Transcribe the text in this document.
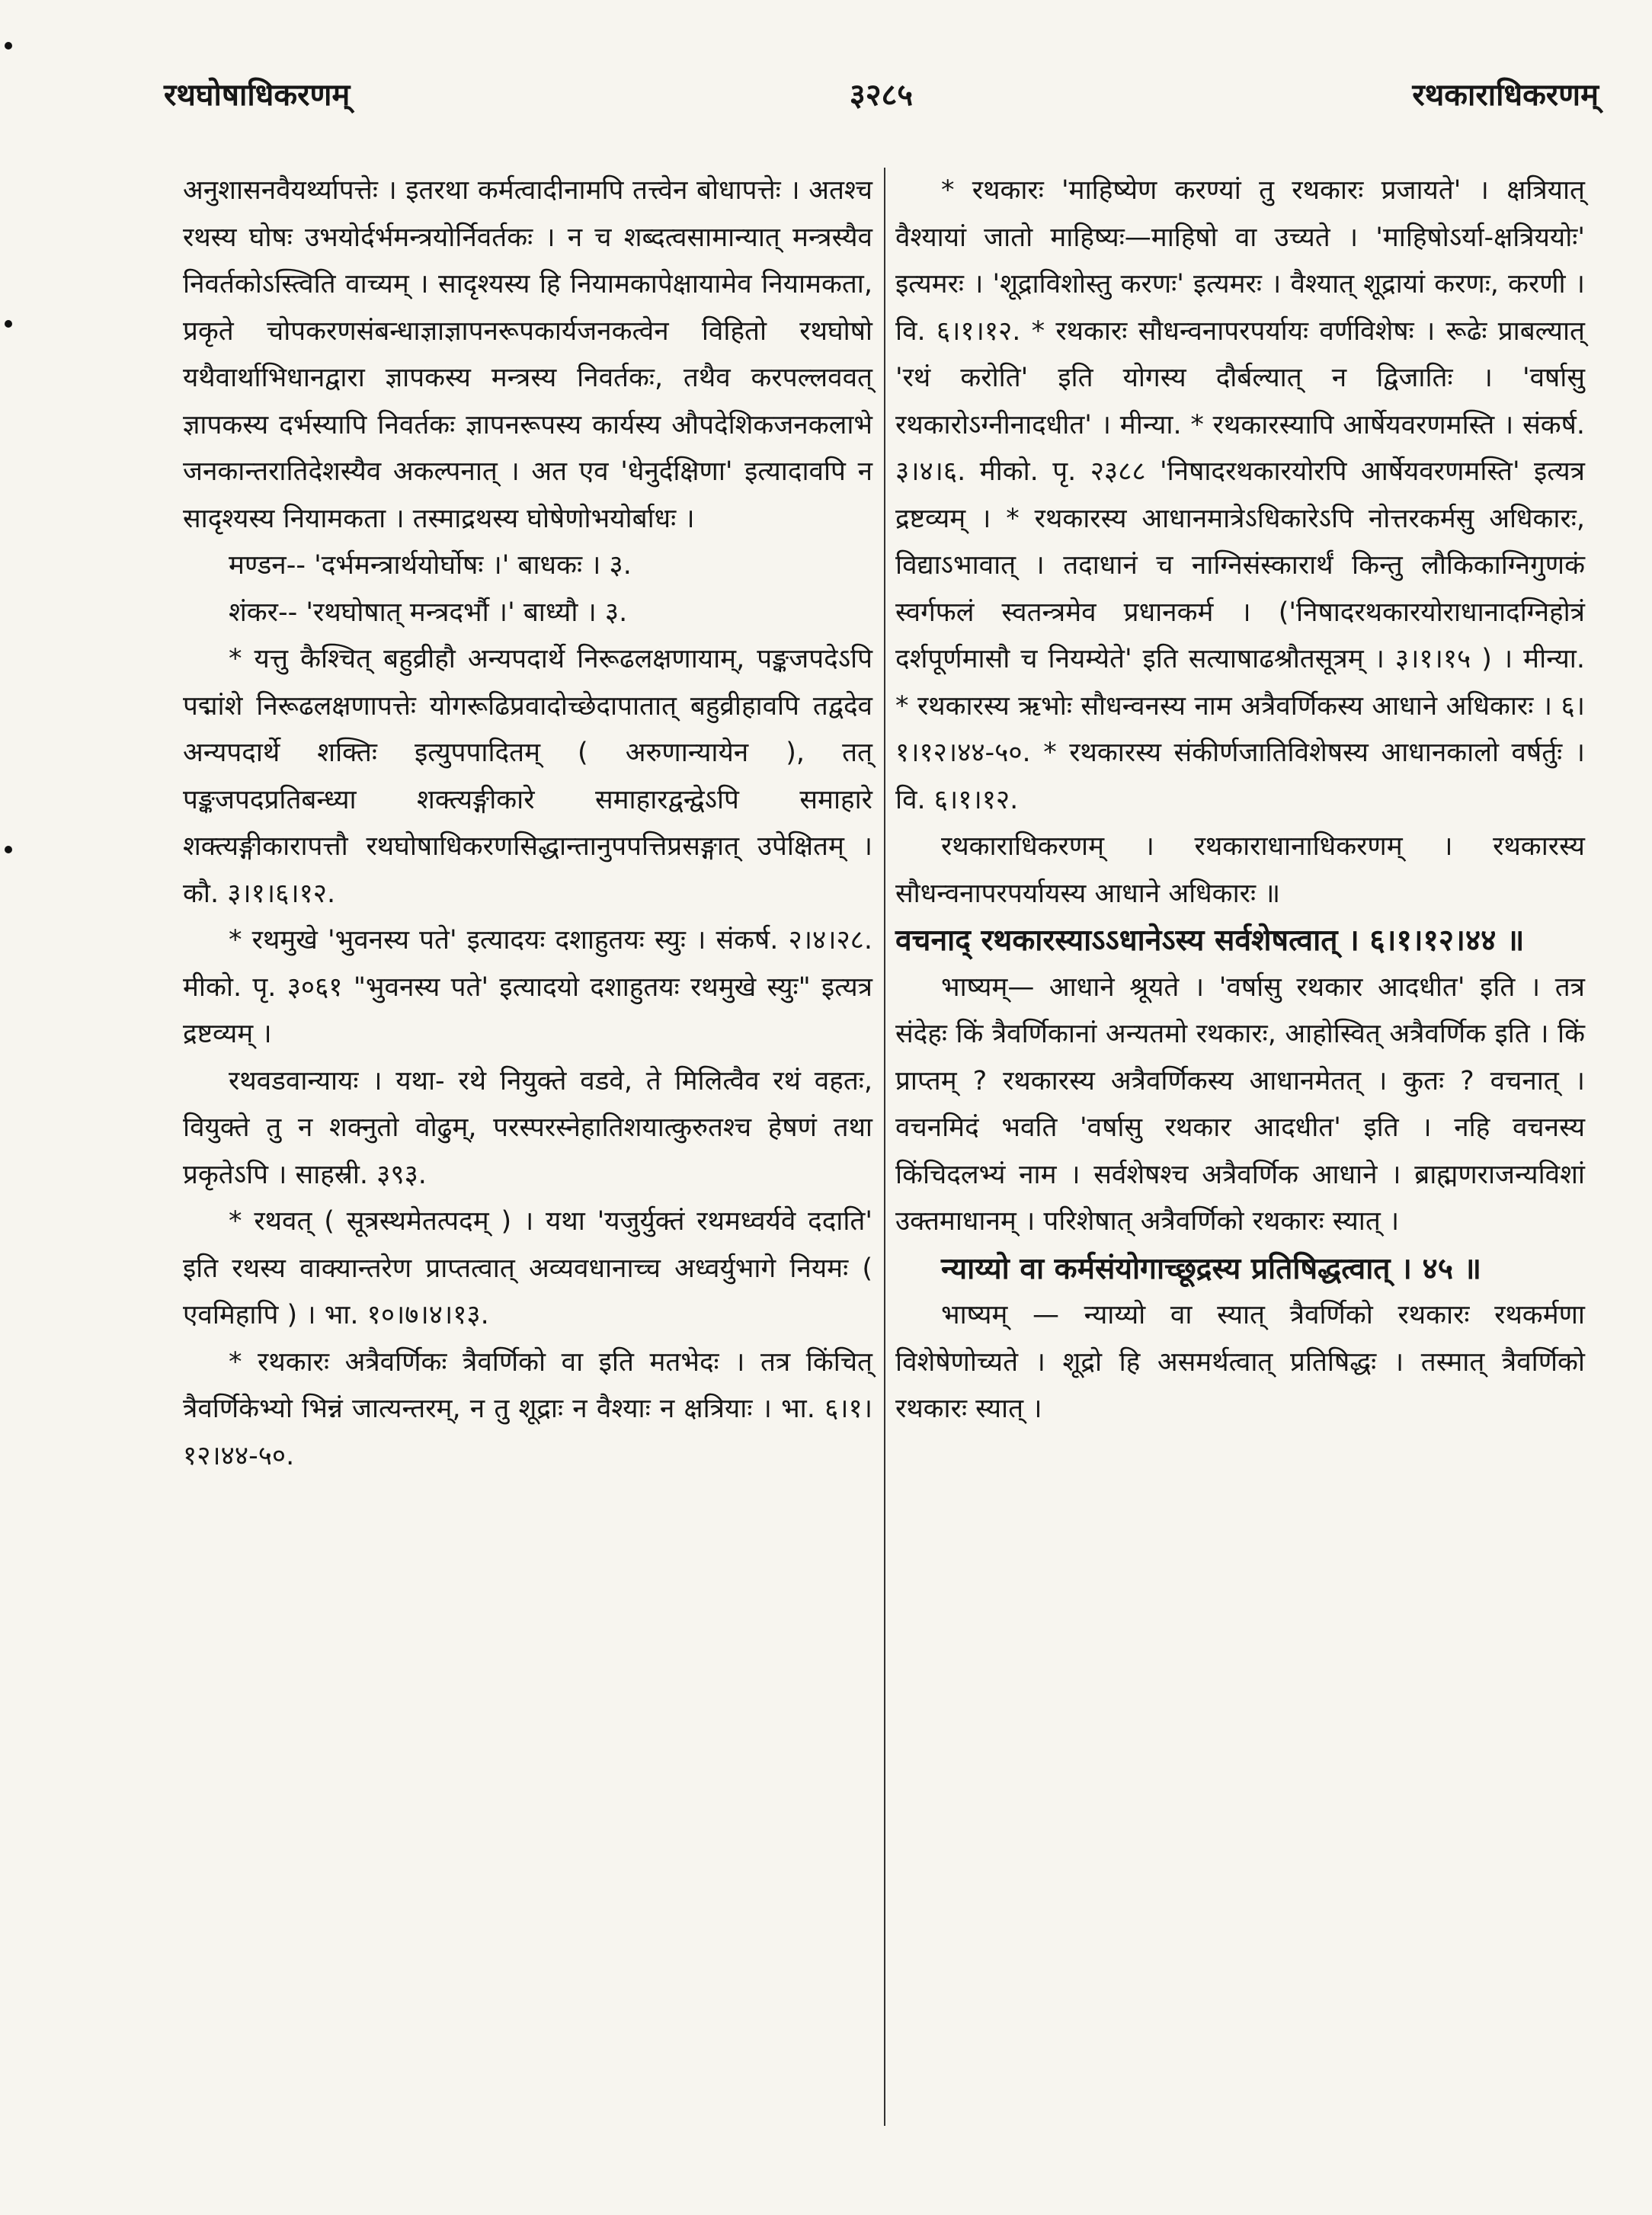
रथघोषाधिकरणम्	३२८५	रथकाराधिकरणम्

अनुशासनवैयर्थ्यापत्तेः । इतरथा कर्मत्वादीनामपि तत्त्वेन बोधापत्तेः । अतश्च रथस्य घोषः उभयोर्दर्भमन्त्रयोर्निवर्तकः । न च शब्दत्वसामान्यात् मन्त्रस्यैव निवर्तकोऽस्त्विति वाच्यम् । सादृश्यस्य हि नियामकापेक्षायामेव नियामकता, प्रकृते चोपकरणसंबन्धाज्ञाज्ञापनरूपकार्यजनकत्वेन विहितो रथघोषो यथैवार्थाभिधानद्वारा ज्ञापकस्य मन्त्रस्य निवर्तकः, तथैव करपल्लववत् ज्ञापकस्य दर्भस्यापि निवर्तकः ज्ञापनरूपस्य कार्यस्य औपदेशिकजनकलाभे जनकान्तरातिदेशस्यैव अकल्पनात् । अत एव 'धेनुर्दक्षिणा' इत्यादावपि न सादृश्यस्य नियामकता । तस्माद्रथस्य घोषेणोभयोर्बाधः ।

मण्डन-- 'दर्भमन्त्रार्थयोर्घोषः ।' बाधकः । ३.

शंकर-- 'रथघोषात् मन्त्रदर्भौ ।' बाध्यौ । ३.

* यत्तु कैश्चित् बहुव्रीहौ अन्यपदार्थे निरूढलक्षणायाम्, पङ्कजपदेऽपि पद्मांशे निरूढलक्षणापत्तेः योगरूढिप्रवादोच्छेदापातात् बहुव्रीहावपि तद्वदेव अन्यपदार्थे शक्तिः इत्युपपादितम् ( अरुणान्यायेन ), तत् पङ्कजपदप्रतिबन्ध्या शक्त्यङ्गीकारे समाहारद्वन्द्वेऽपि समाहारे शक्त्यङ्गीकारापत्तौ रथघोषाधिकरणसिद्धान्तानुपपत्तिप्रसङ्गात् उपेक्षितम् । कौ. ३।१।६।१२.

* रथमुखे 'भुवनस्य पते' इत्यादयः दशाहुतयः स्युः । संकर्ष. २।४।२८. मीको. पृ. ३०६१ "भुवनस्य पते' इत्यादयो दशाहुतयः रथमुखे स्युः" इत्यत्र द्रष्टव्यम् ।

रथवडवान्यायः । यथा- रथे नियुक्ते वडवे, ते मिलित्वैव रथं वहतः, वियुक्ते तु न शक्नुतो वोढुम्, परस्परस्नेहातिशयात्कुरुतश्च हेषणं तथा प्रकृतेऽपि । साहस्री. ३९३.

* रथवत् ( सूत्रस्थमेतत्पदम् ) । यथा 'यजुर्युक्तं रथमध्वर्यवे ददाति' इति रथस्य वाक्यान्तरेण प्राप्तत्वात् अव्यवधानाच्च अध्वर्युभागे नियमः ( एवमिहापि ) । भा. १०।७।४।१३.

* रथकारः अत्रैवर्णिकः त्रैवर्णिको वा इति मतभेदः । तत्र किंचित् त्रैवर्णिकेभ्यो भिन्नं जात्यन्तरम्, न तु शूद्राः न वैश्याः न क्षत्रियाः । भा. ६।१।१२।४४-५०.

* रथकारः 'माहिष्येण करण्यां तु रथकारः प्रजायते' । क्षत्रियात् वैश्यायां जातो माहिष्यः—माहिषो वा उच्यते । 'माहिषोऽर्या-क्षत्रिययोः' इत्यमरः । 'शूद्राविशोस्तु करणः' इत्यमरः । वैश्यात् शूद्रायां करणः, करणी । वि. ६।१।१२. * रथकारः सौधन्वनापरपर्यायः वर्णविशेषः । रूढेः प्राबल्यात् 'रथं करोति' इति योगस्य दौर्बल्यात् न द्विजातिः । 'वर्षासु रथकारोऽग्नीनादधीत' । मीन्या. * रथकारस्यापि आर्षेयवरणमस्ति । संकर्ष. ३।४।६. मीको. पृ. २३८८ 'निषादरथकारयोरपि आर्षेयवरणमस्ति' इत्यत्र द्रष्टव्यम् । * रथकारस्य आधानमात्रेऽधिकारेऽपि नोत्तरकर्मसु अधिकारः, विद्याऽभावात् । तदाधानं च नाग्निसंस्कारार्थं किन्तु लौकिकाग्निगुणकं स्वर्गफलं स्वतन्त्रमेव प्रधानकर्म । ('निषादरथकारयोराधानादग्निहोत्रं दर्शपूर्णमासौ च नियम्येते' इति सत्याषाढश्रौतसूत्रम् । ३।१।१५ ) । मीन्या. * रथकारस्य ऋभोः सौधन्वनस्य नाम अत्रैवर्णिकस्य आधाने अधिकारः । ६।१।१२।४४-५०. * रथकारस्य संकीर्णजातिविशेषस्य आधानकालो वर्षर्तुः । वि. ६।१।१२.

रथकाराधिकरणम् । रथकाराधानाधिकरणम् । रथकारस्य सौधन्वनापरपर्यायस्य आधाने अधिकारः ॥

वचनाद् रथकारस्याऽऽधानेऽस्य सर्वशेषत्वात् । ६।१।१२।४४ ॥

भाष्यम्— आधाने श्रूयते । 'वर्षासु रथकार आदधीत' इति । तत्र संदेहः किं त्रैवर्णिकानां अन्यतमो रथकारः, आहोस्वित् अत्रैवर्णिक इति । किं प्राप्तम् ? रथकारस्य अत्रैवर्णिकस्य आधानमेतत् । कुतः ? वचनात् । वचनमिदं भवति 'वर्षासु रथकार आदधीत' इति । नहि वचनस्य किंचिदलभ्यं नाम । सर्वशेषश्च अत्रैवर्णिक आधाने । ब्राह्मणराजन्यविशां उक्तमाधानम् । परिशेषात् अत्रैवर्णिको रथकारः स्यात् ।

न्याय्यो वा कर्मसंयोगाच्छूद्रस्य प्रतिषिद्धत्वात् । ४५ ॥

भाष्यम् — न्याय्यो वा स्यात् त्रैवर्णिको रथकारः रथकर्मणा विशेषेणोच्यते । शूद्रो हि असमर्थत्वात् प्रतिषिद्धः । तस्मात् त्रैवर्णिको रथकारः स्यात् ।
